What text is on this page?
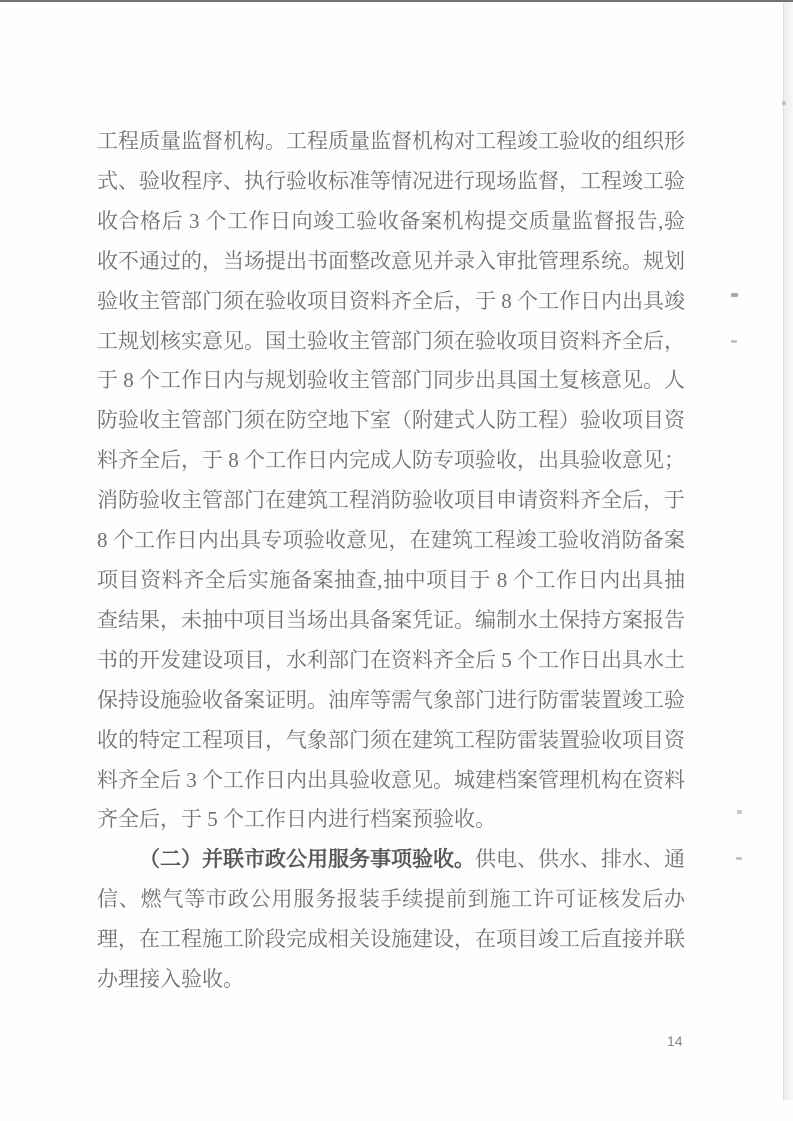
工程质量监督机构。工程质量监督机构对工程竣工验收的组织形式、验收程序、执行验收标准等情况进行现场监督，工程竣工验收合格后 3 个工作日向竣工验收备案机构提交质量监督报告,验收不通过的，当场提出书面整改意见并录入审批管理系统。规划验收主管部门须在验收项目资料齐全后，于 8 个工作日内出具竣工规划核实意见。国土验收主管部门须在验收项目资料齐全后，于 8 个工作日内与规划验收主管部门同步出具国土复核意见。人防验收主管部门须在防空地下室（附建式人防工程）验收项目资料齐全后，于 8 个工作日内完成人防专项验收，出具验收意见；消防验收主管部门在建筑工程消防验收项目申请资料齐全后，于 8 个工作日内出具专项验收意见，在建筑工程竣工验收消防备案项目资料齐全后实施备案抽查,抽中项目于 8 个工作日内出具抽查结果，未抽中项目当场出具备案凭证。编制水土保持方案报告书的开发建设项目，水利部门在资料齐全后 5 个工作日出具水土保持设施验收备案证明。油库等需气象部门进行防雷装置竣工验收的特定工程项目，气象部门须在建筑工程防雷装置验收项目资料齐全后 3 个工作日内出具验收意见。城建档案管理机构在资料齐全后，于 5 个工作日内进行档案预验收。

（二）并联市政公用服务事项验收。供电、供水、排水、通信、燃气等市政公用服务报装手续提前到施工许可证核发后办理，在工程施工阶段完成相关设施建设，在项目竣工后直接并联办理接入验收。

14
